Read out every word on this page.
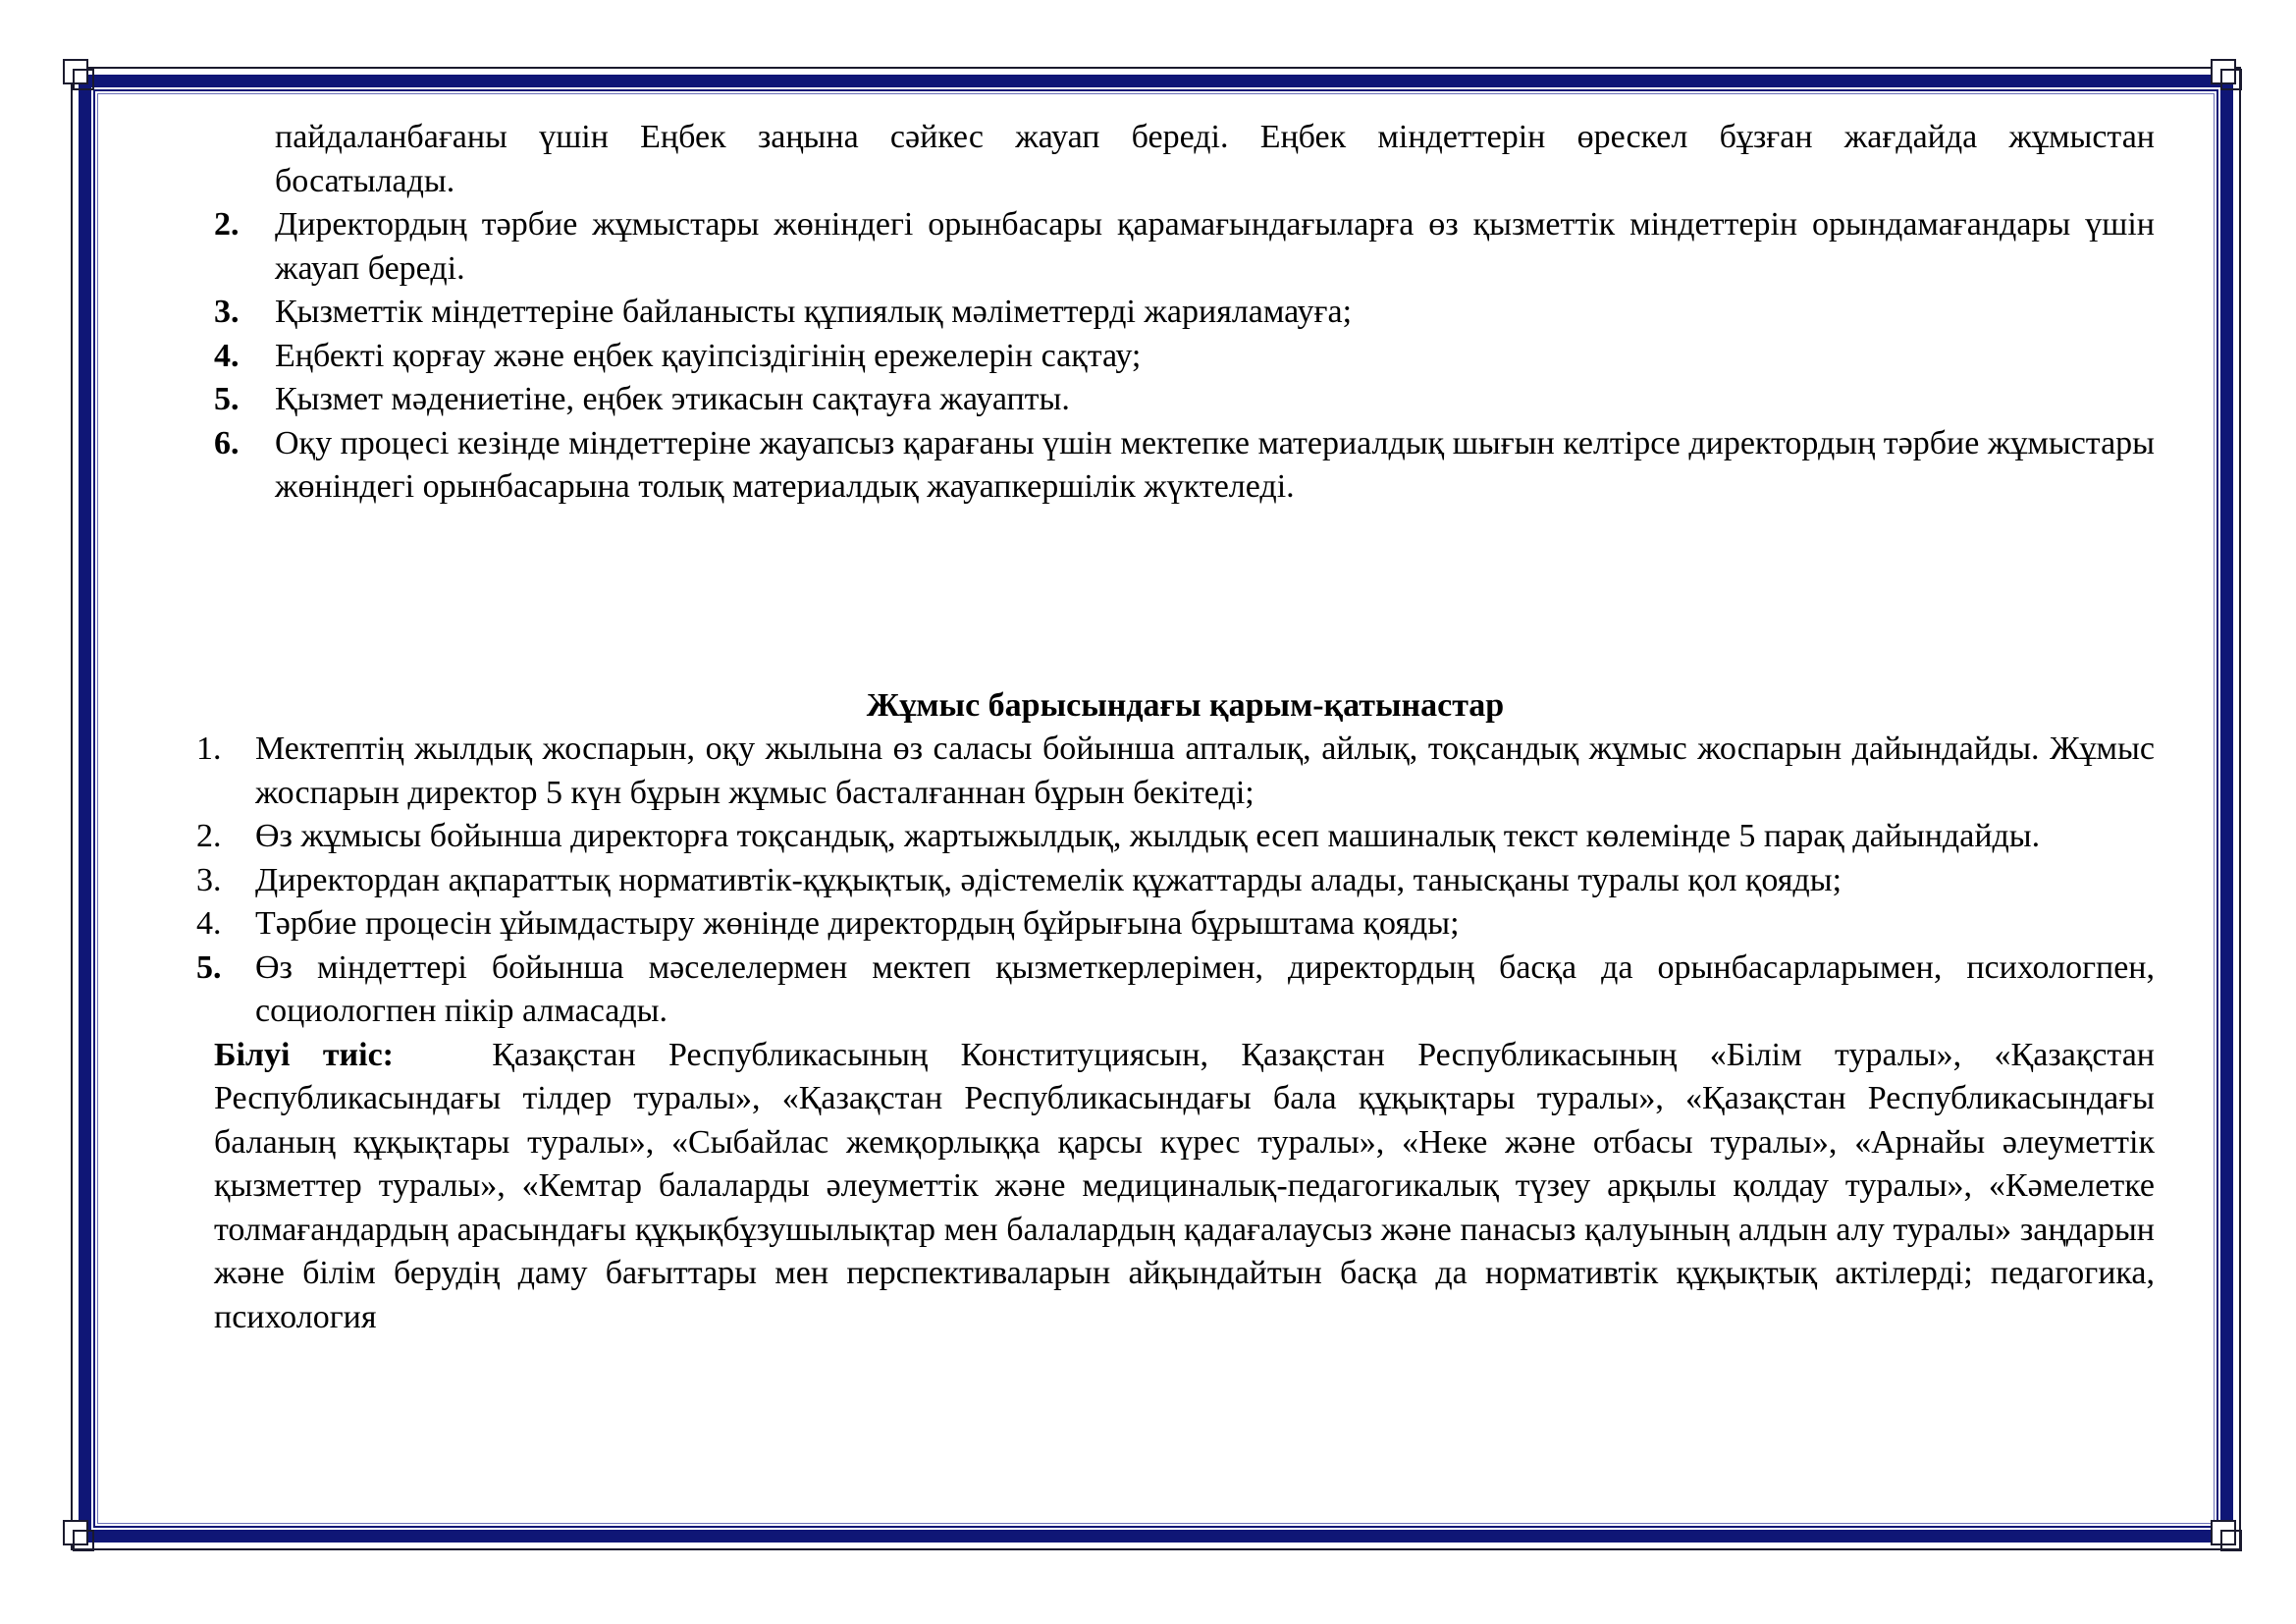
пайдаланбағаны үшін Еңбек заңына сәйкес жауап береді. Еңбек міндеттерін өрескел бұзған жағдайда жұмыстан
босатылады.
2. Директордың тәрбие жұмыстары жөніндегі орынбасары қарамағындағыларға өз қызметтік міндеттерін орындамағандары үшін жауап береді.
3. Қызметтік міндеттеріне байланысты құпиялық мәліметтерді жарияламауға;
4. Еңбекті қорғау және еңбек қауіпсіздігінің ережелерін сақтау;
5. Қызмет мәдениетіне, еңбек этикасын сақтауға жауапты.
6. Оқу процесі кезінде міндеттеріне жауапсыз қарағаны үшін мектепке материалдық шығын келтірсе директордың тәрбие жұмыстары жөніндегі орынбасарына толық материалдық жауапкершілік жүктеледі.
Жұмыс барысындағы қарым-қатынастар
1. Мектептің жылдық жоспарын, оқу жылына өз саласы бойынша апталық, айлық, тоқсандық жұмыс жоспарын дайындайды. Жұмыс жоспарын директор 5 күн бұрын жұмыс басталғаннан бұрын бекітеді;
2. Өз жұмысы бойынша директорға тоқсандық, жартыжылдық, жылдық есеп машиналық текст көлемінде 5 парақ дайындайды.
3. Директордан ақпараттық нормативтік-құқықтық, әдістемелік құжаттарды алады, танысқаны туралы қол қояды;
4. Тәрбие процесін ұйымдастыру жөнінде директордың бұйрығына бұрыштама қояды;
5. Өз міндеттері бойынша мәселелермен мектеп қызметкерлерімен, директордың басқа да орынбасарларымен, психологпен, социологпен пікір алмасады.
Білуі тиіс:	Қазақстан Республикасының Конституциясын, Қазақстан Республикасының «Білім туралы», «Қазақстан Республикасындағы тілдер туралы», «Қазақстан Республикасындағы бала құқықтары туралы», «Қазақстан Республикасындағы баланың құқықтары туралы», «Сыбайлас жемқорлыққа қарсы күрес туралы», «Неке және отбасы туралы», «Арнайы әлеуметтік қызметтер туралы», «Кемтар балаларды әлеуметтік және медициналық-педагогикалық түзеу арқылы қолдау туралы», «Кәмелетке толмағандардың арасындағы құқықбұзушылықтар мен балалардың қадағалаусыз және панасыз қалуының алдын алу туралы» заңдарын және білім берудің даму бағыттары мен перспективаларын айқындайтын басқа да нормативтік құқықтық актілерді; педагогика, психология
